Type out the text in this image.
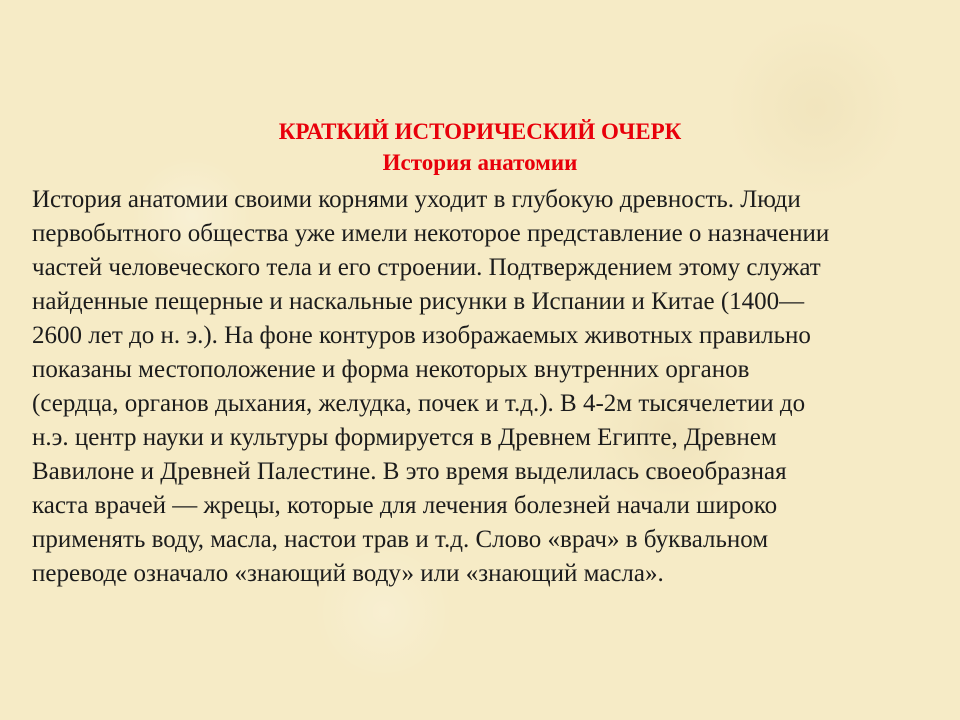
КРАТКИЙ ИСТОРИЧЕСКИЙ ОЧЕРК
История анатомии

История анатомии своими корнями уходит в глубокую древность. Люди
первобытного общества уже имели некоторое представление о назначении
частей человеческого тела и его строении. Подтверждением этому служат
найденные пещерные и наскальные рисунки в Испании и Китае (1400—
2600 лет до н. э.). На фоне контуров изображаемых животных правильно
показаны местоположение и форма некоторых внутренних органов
(сердца, органов дыхания, желудка, почек и т.д.). В 4-2м тысячелетии до
н.э. центр науки и культуры формируется в Древнем Египте, Древнем
Вавилоне и Древней Палестине. В это время выделилась своеобразная
каста врачей — жрецы, которые для лечения болезней начали широко
применять воду, масла, настои трав и т.д. Слово «врач» в буквальном
переводе означало «знающий воду» или «знающий масла».
